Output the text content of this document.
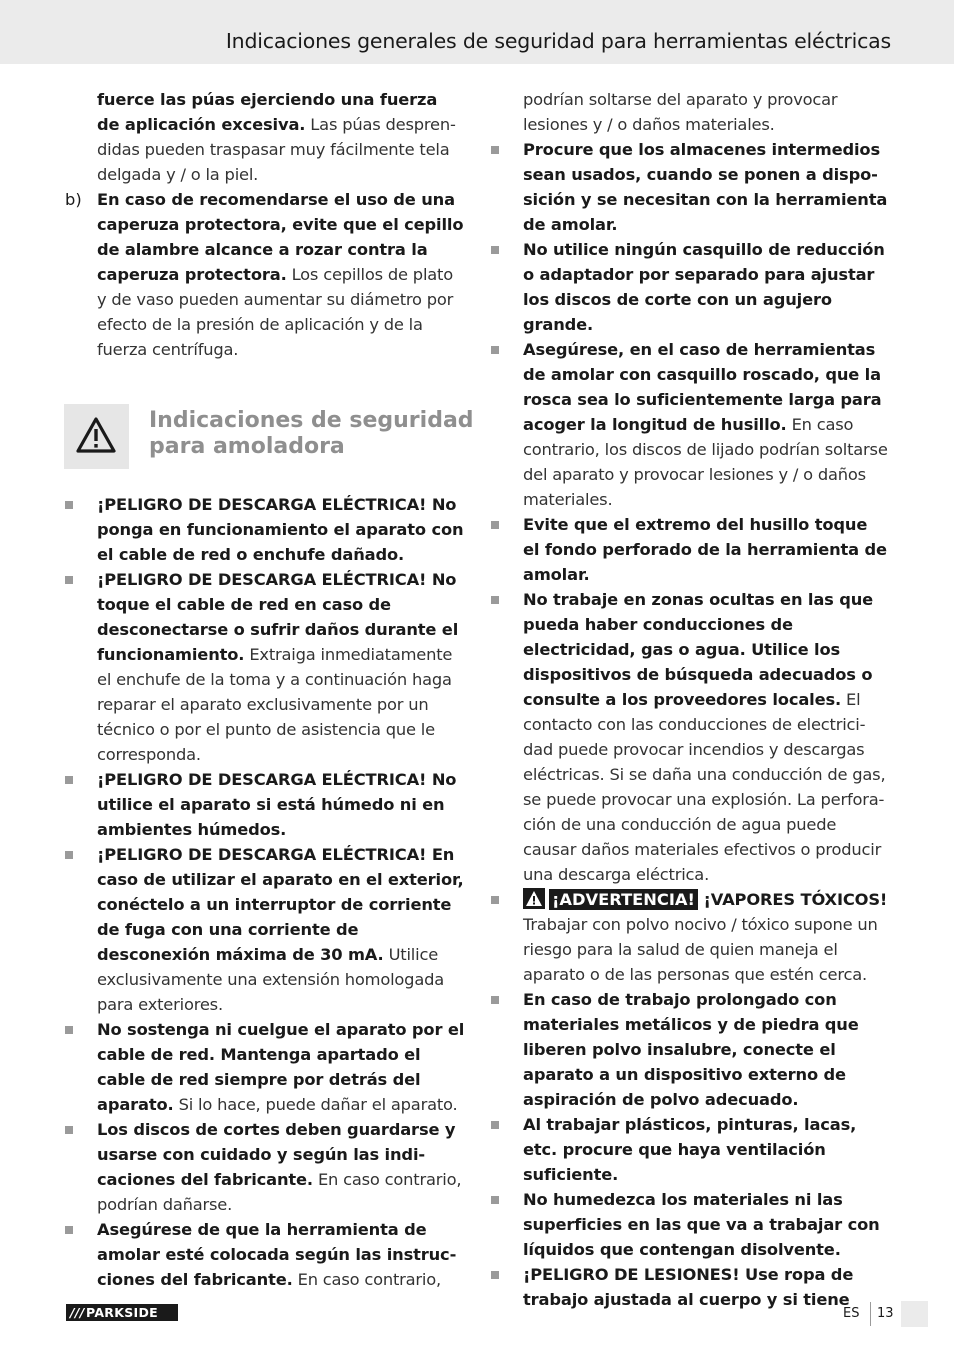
Indicaciones generales de seguridad para herramientas eléctricas

fuerce las púas ejerciendo una fuerza de aplicación excesiva. Las púas desprendidas pueden traspasar muy fácilmente tela delgada y / o la piel.

b) En caso de recomendarse el uso de una caperuza protectora, evite que el cepillo de alambre alcance a rozar contra la caperuza protectora. Los cepillos de plato y de vaso pueden aumentar su diámetro por efecto de la presión de aplicación y de la fuerza centrífuga.

Indicaciones de seguridad para amoladora

¡PELIGRO DE DESCARGA ELÉCTRICA! No ponga en funcionamiento el aparato con el cable de red o enchufe dañado.

¡PELIGRO DE DESCARGA ELÉCTRICA! No toque el cable de red en caso de desconectarse o sufrir daños durante el funcionamiento. Extraiga inmediatamente el enchufe de la toma y a continuación haga reparar el aparato exclusivamente por un técnico o por el punto de asistencia que le corresponda.

¡PELIGRO DE DESCARGA ELÉCTRICA! No utilice el aparato si está húmedo ni en ambientes húmedos.

¡PELIGRO DE DESCARGA ELÉCTRICA! En caso de utilizar el aparato en el exterior, conéctelo a un interruptor de corriente de fuga con una corriente de desconexión máxima de 30 mA. Utilice exclusivamente una extensión homologada para exteriores.

No sostenga ni cuelgue el aparato por el cable de red. Mantenga apartado el cable de red siempre por detrás del aparato. Si lo hace, puede dañar el aparato.

Los discos de cortes deben guardarse y usarse con cuidado y según las indicaciones del fabricante. En caso contrario, podrían dañarse.

Asegúrese de que la herramienta de amolar esté colocada según las instrucciones del fabricante. En caso contrario,

podrían soltarse del aparato y provocar lesiones y / o daños materiales.

Procure que los almacenes intermedios sean usados, cuando se ponen a disposición y se necesitan con la herramienta de amolar.

No utilice ningún casquillo de reducción o adaptador por separado para ajustar los discos de corte con un agujero grande.

Asegúrese, en el caso de herramientas de amolar con casquillo roscado, que la rosca sea lo suficientemente larga para acoger la longitud de husillo. En caso contrario, los discos de lijado podrían soltarse del aparato y provocar lesiones y / o daños materiales.

Evite que el extremo del husillo toque el fondo perforado de la herramienta de amolar.

No trabaje en zonas ocultas en las que pueda haber conducciones de electricidad, gas o agua. Utilice los dispositivos de búsqueda adecuados o consulte a los proveedores locales. El contacto con las conducciones de electricidad puede provocar incendios y descargas eléctricas. Si se daña una conducción de gas, se puede provocar una explosión. La perforación de una conducción de agua puede causar daños materiales efectivos o producir una descarga eléctrica.

¡ADVERTENCIA! ¡VAPORES TÓXICOS! Trabajar con polvo nocivo / tóxico supone un riesgo para la salud de quien maneja el aparato o de las personas que estén cerca.

En caso de trabajo prolongado con materiales metálicos y de piedra que liberen polvo insalubre, conecte el aparato a un dispositivo externo de aspiración de polvo adecuado.

Al trabajar plásticos, pinturas, lacas, etc. procure que haya ventilación suficiente.

No humedezca los materiales ni las superficies en las que va a trabajar con líquidos que contengan disolvente.

¡PELIGRO DE LESIONES! Use ropa de trabajo ajustada al cuerpo y si tiene

/// PARKSIDE	ES 13
